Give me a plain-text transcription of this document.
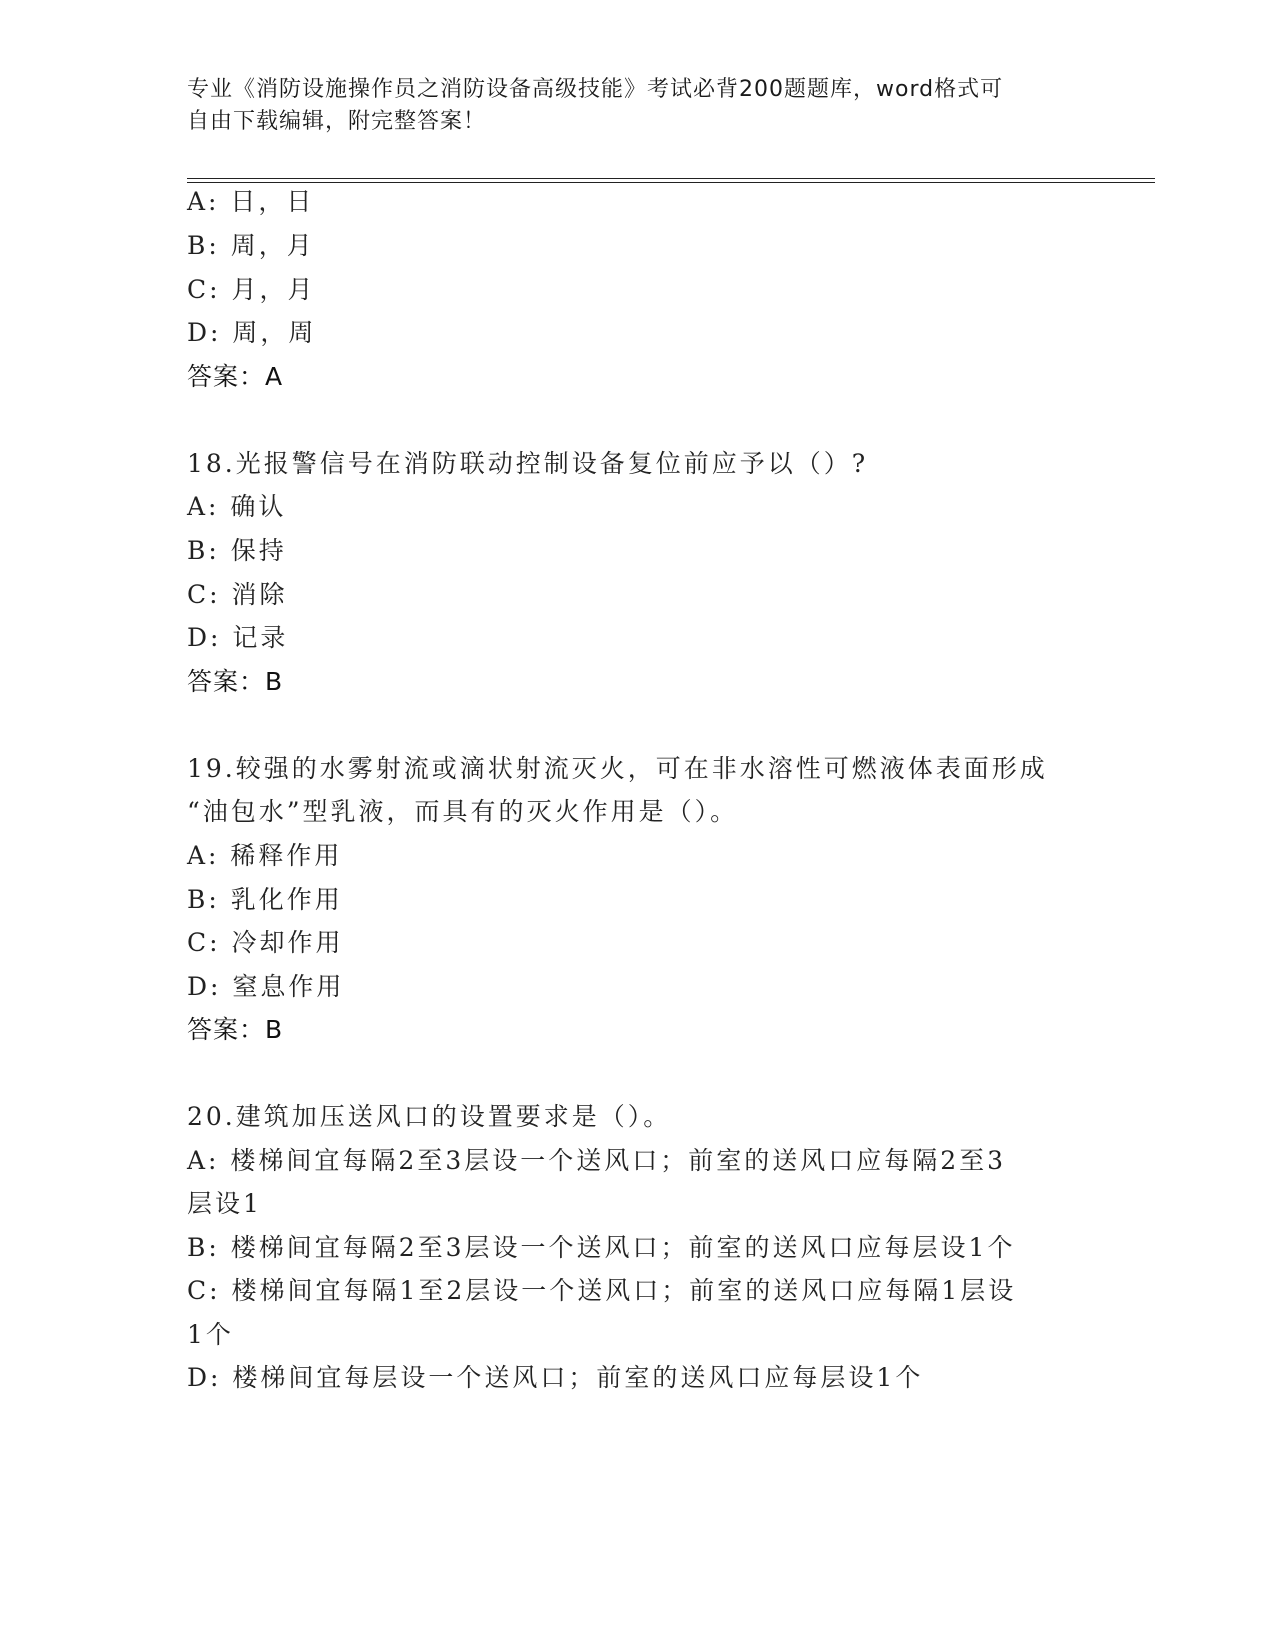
专业《消防设施操作员之消防设备高级技能》考试必背200题题库，word格式可
自由下载编辑，附完整答案！
A: 日，日
B: 周，月
C: 月，月
D: 周，周
答案：A
18.光报警信号在消防联动控制设备复位前应予以（）?
A: 确认
B: 保持
C: 消除
D: 记录
答案：B
19.较强的水雾射流或滴状射流灭火，可在非水溶性可燃液体表面形成
“油包水”型乳液，而具有的灭火作用是（）。
A: 稀释作用
B: 乳化作用
C: 冷却作用
D: 窒息作用
答案：B
20.建筑加压送风口的设置要求是（）。
A: 楼梯间宜每隔2至3层设一个送风口；前室的送风口应每隔2至3
层设1
B: 楼梯间宜每隔2至3层设一个送风口；前室的送风口应每层设1个
C: 楼梯间宜每隔1至2层设一个送风口；前室的送风口应每隔1层设
1个
D: 楼梯间宜每层设一个送风口；前室的送风口应每层设1个
